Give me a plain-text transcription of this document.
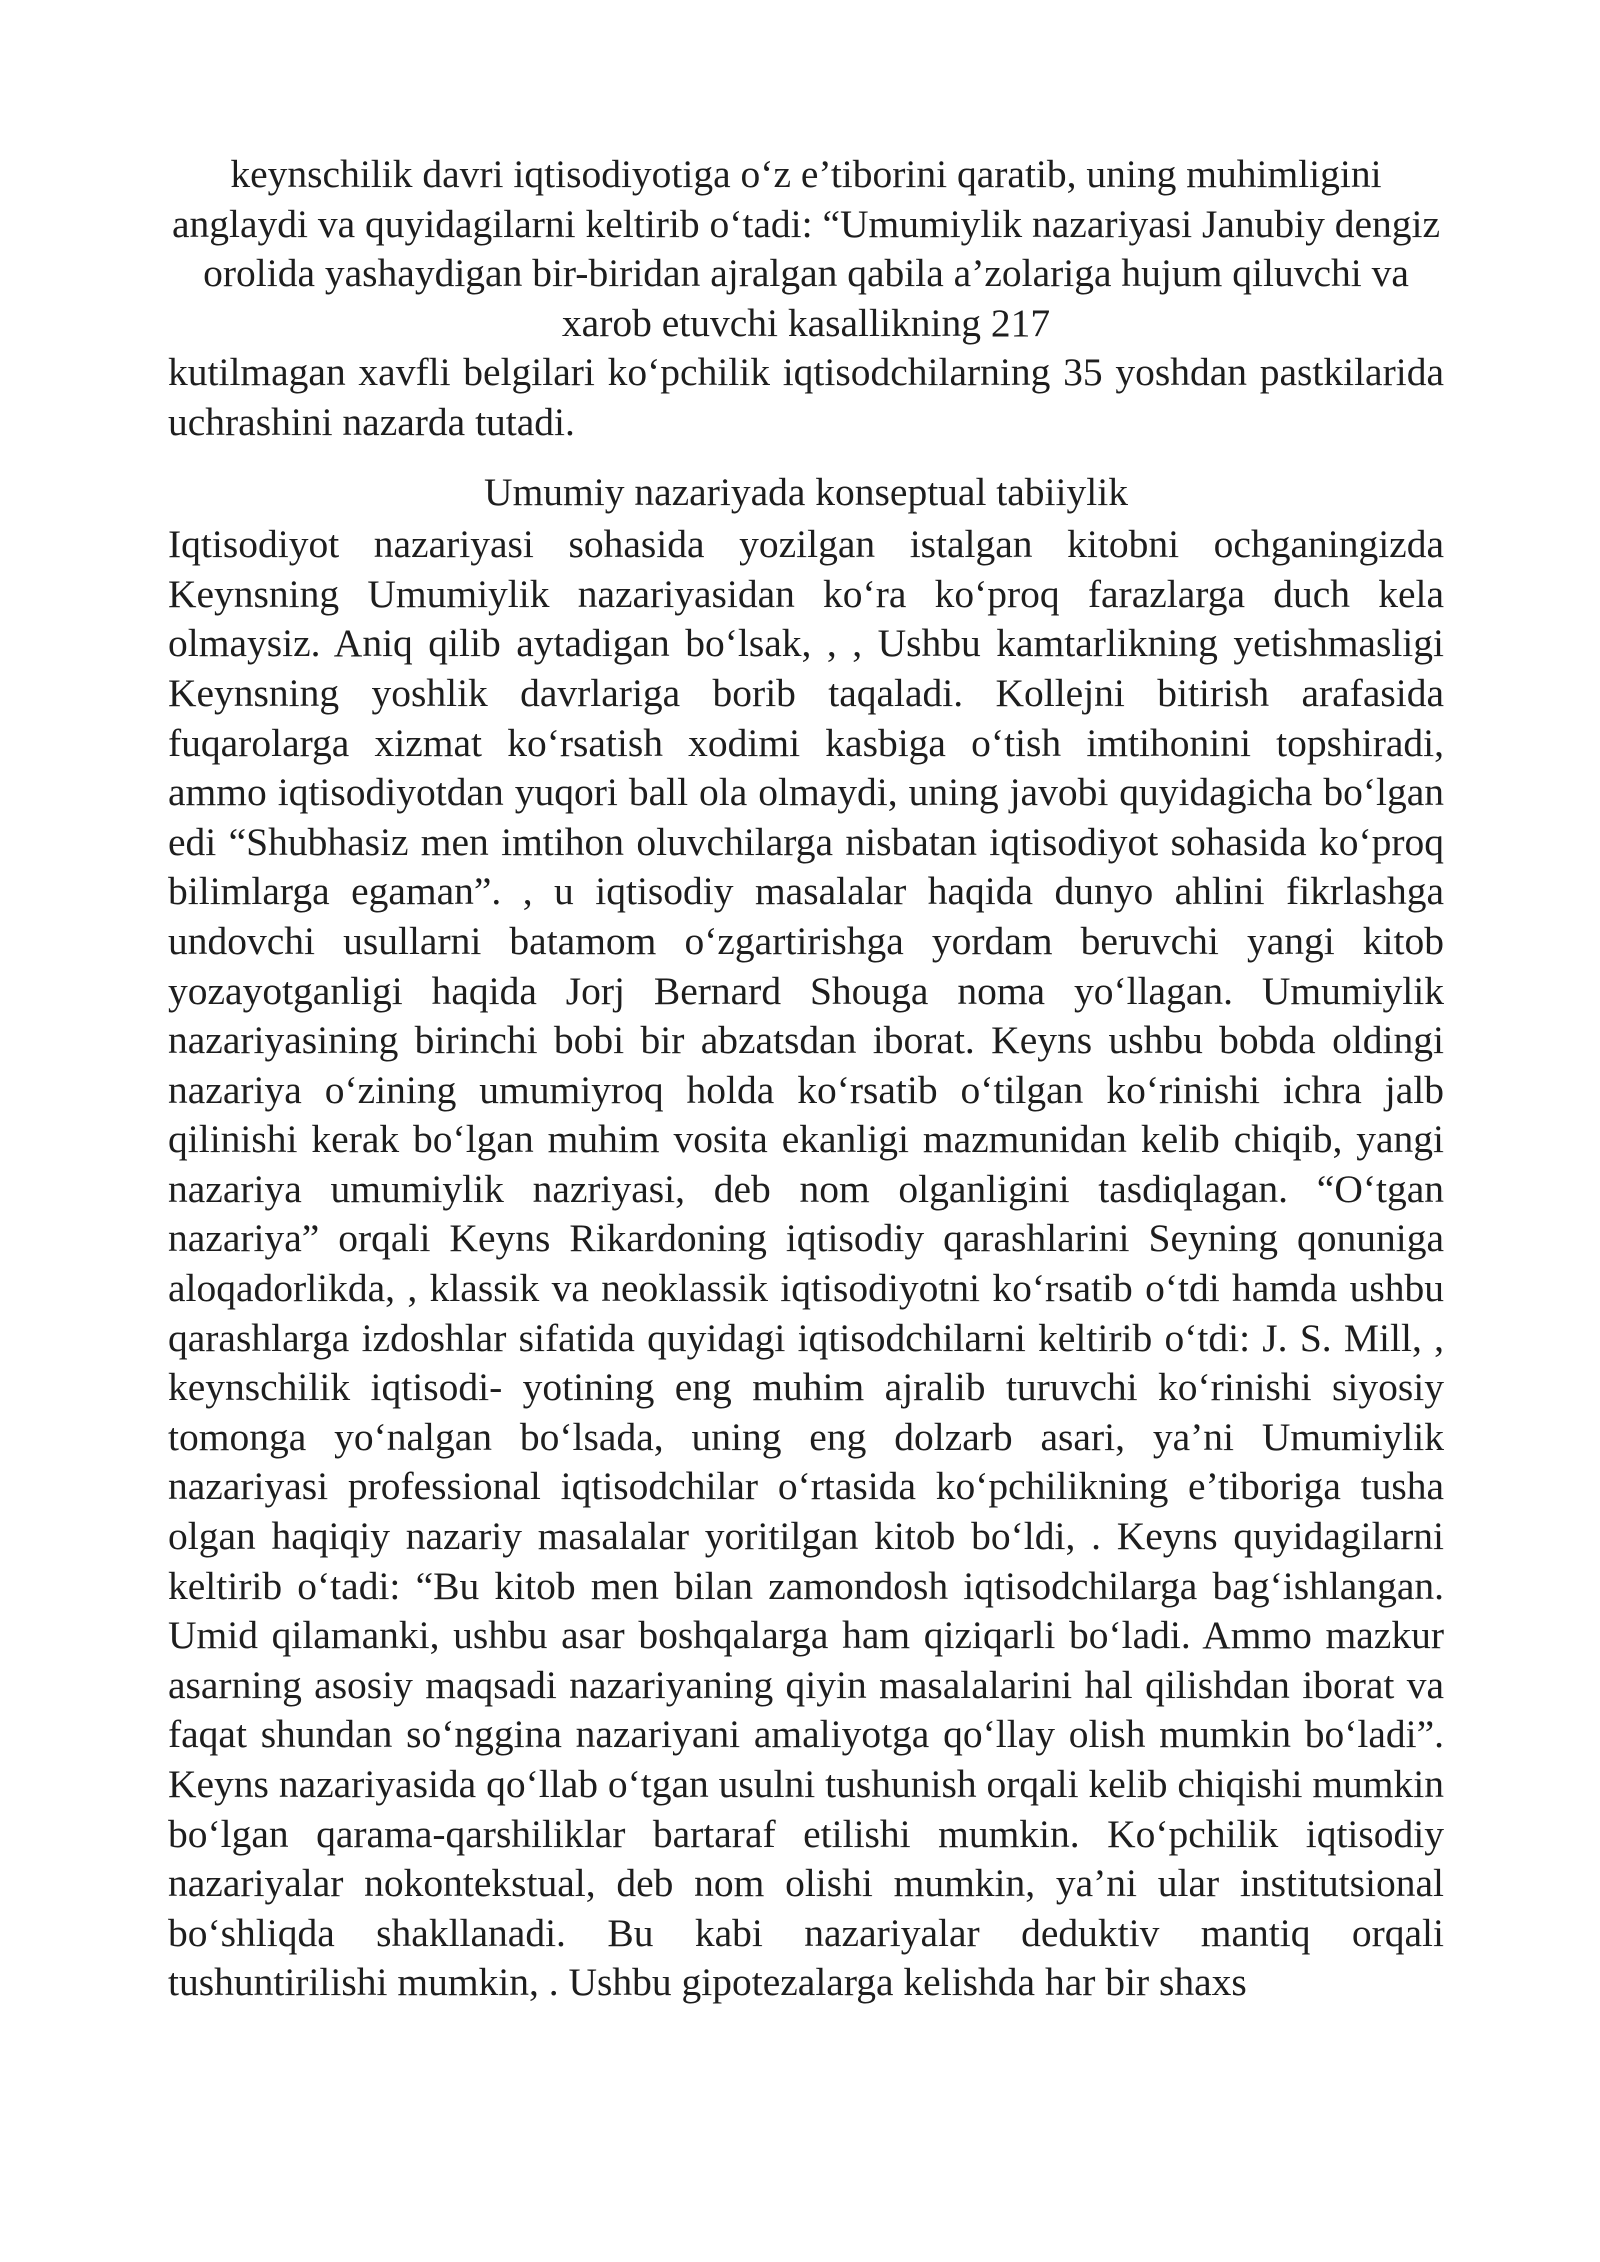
keynschilik davri iqtisodiyotiga o‘z e’tiborini qaratib, uning muhimligini anglaydi va quyidagilarni keltirib o‘tadi: “Umumiylik nazariyasi Janubiy dengiz orolida yashaydigan bir-biridan ajralgan qabila a’zolariga hujum qiluvchi va xarob etuvchi kasallikning 217

kutilmagan xavfli belgilari ko‘pchilik iqtisodchilarning 35 yoshdan pastkilarida uchrashini nazarda tutadi.

Umumiy nazariyada konseptual tabiiylik

Iqtisodiyot nazariyasi sohasida yozilgan istalgan kitobni ochganingizda Keynsning Umumiylik nazariyasidan ko‘ra ko‘proq farazlarga duch kela olmaysiz. Aniq qilib aytadigan bo‘lsak, , , Ushbu kamtarlikning yetishmasligi Keynsning yoshlik davrlariga borib taqaladi. Kollejni bitirish arafasida fuqarolarga xizmat ko‘rsatish xodimi kasbiga o‘tish imtihonini topshiradi, ammo iqtisodiyotdan yuqori ball ola olmaydi, uning javobi quyidagicha bo‘lgan edi “Shubhasiz men imtihon oluvchilarga nisbatan iqtisodiyot sohasida ko‘proq bilimlarga egaman”. , u iqtisodiy masalalar haqida dunyo ahlini fikrlashga undovchi usullarni batamom o‘zgartirishga yordam beruvchi yangi kitob yozayotganligi haqida Jorj Bernard Shouga noma yo‘llagan. Umumiylik nazariyasining birinchi bobi bir abzatsdan iborat. Keyns ushbu bobda oldingi nazariya o‘zining umumiyroq holda ko‘rsatib o‘tilgan ko‘rinishi ichra jalb qilinishi kerak bo‘lgan muhim vosita ekanligi mazmunidan kelib chiqib, yangi nazariya umumiylik nazriyasi, deb nom olganligini tasdiqlagan. “O‘tgan nazariya” orqali Keyns Rikardoning iqtisodiy qarashlarini Seyning qonuniga aloqadorlikda, , klassik va neoklassik iqtisodiyotni ko‘rsatib o‘tdi hamda ushbu qarashlarga izdoshlar sifatida quyidagi iqtisodchilarni keltirib o‘tdi: J. S. Mill, , keynschilik iqtisodi- yotining eng muhim ajralib turuvchi ko‘rinishi siyosiy tomonga yo‘nalgan bo‘lsada, uning eng dolzarb asari, ya’ni Umumiylik nazariyasi professional iqtisodchilar o‘rtasida ko‘pchilikning e’tiboriga tusha olgan haqiqiy nazariy masalalar yoritilgan kitob bo‘ldi, . Keyns quyidagilarni keltirib o‘tadi: “Bu kitob men bilan zamondosh iqtisodchilarga bag‘ishlangan. Umid qilamanki, ushbu asar boshqalarga ham qiziqarli bo‘ladi. Ammo mazkur asarning asosiy maqsadi nazariyaning qiyin masalalarini hal qilishdan iborat va faqat shundan so‘nggina nazariyani amaliyotga qo‘llay olish mumkin bo‘ladi”. Keyns nazariyasida qo‘llab o‘tgan usulni tushunish orqali kelib chiqishi mumkin bo‘lgan qarama-qarshiliklar bartaraf etilishi mumkin. Ko‘pchilik iqtisodiy nazariyalar nokontekstual, deb nom olishi mumkin, ya’ni ular institutsional bo‘shliqda shakllanadi. Bu kabi nazariyalar deduktiv mantiq orqali tushuntirilishi mumkin, . Ushbu gipotezalarga kelishda har bir shaxs
